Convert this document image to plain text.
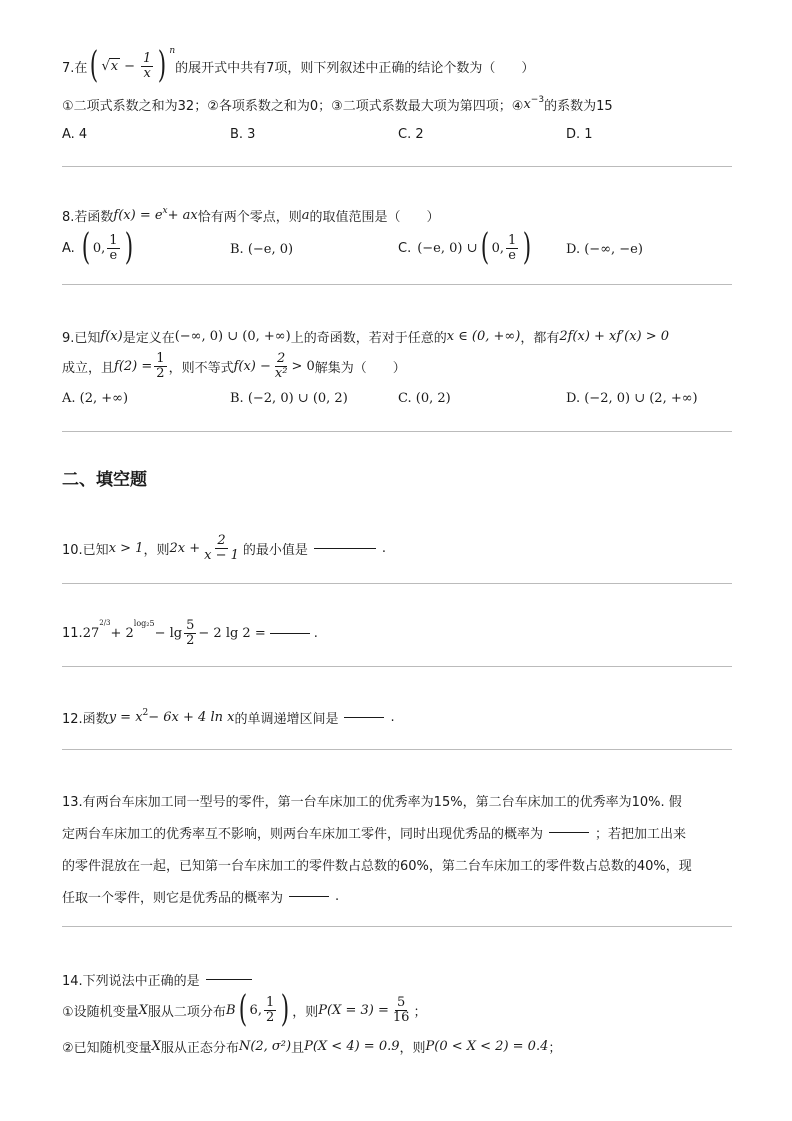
7.在 ( √ $x - \frac{1}{x}$ ) $^n$
的展开式中共有7项，则下列叙述中正确的结论个数为（　　）
①二项式系数之和为32；②各项系数之和为0；③二项式系数最大项为第四项；④ $x^{-3}$ 的系数为15
A. 4	B. 3	C. 2	D. 1
8.若函数 $f(x) = e^x$ + ax 恰有两个零点，则 a 的取值范围是（　　）
A. ( 0, $\frac{1}{e}$ )	B. (−e, 0)	C. (−e, 0) ∪ ( 0, $\frac{1}{e}$ )	D. (−∞, −e)
9.已知 f(x) 是定义在 (−∞, 0) ∪ (0, +∞) 上的奇函数，若对于任意的 x ∈ (0, +∞) ，都有 2f(x) + xf′(x) > 0
成立，且 $f(2) = \frac{1}{2}$ ，则不等式 $f(x) - \frac{2}{\text{x²}} > 0$ 解集为（　　）
A. (2, +∞)	B. (−2, 0) ∪ (0, 2)	C. (0, 2)	D. (−2, 0) ∪ (2, +∞)
二、填空题
10.已知 x > 1 ，则 $2x + \frac{2}{x - 1}$ 的最小值是	.
11. 27
$^{2/3}$
+ 2
$^{log_25}$
− $\lg \frac{5}{2} - 2$ lg 2 =	.
12.函数 $y = x^2 - 6x + 4$ ln x 的单调递增区间是	.
13.有两台车床加工同一型号的零件，第一台车床加工的优秀率为15%，第二台车床加工的优秀率为10%. 假
定两台车床加工的优秀率互不影响，则两台车床加工零件，同时出现优秀品的概率为	；若把加工出来
的零件混放在一起，已知第一台车床加工的零件数占总数的60%，第二台车床加工的零件数占总数的40%，现
任取一个零件，则它是优秀品的概率为	.
14.下列说法中正确的是
①设随机变量 X 服从二项分布 B ( 6, $\frac{1}{2}$ ) ，则 $P(X = 3) = \frac{5}{16}$ ；
②已知随机变量 X 服从正态分布 N(2, σ²) 且 P(X < 4) = 0.9 ，则 P(0 < X < 2) = 0.4 ；
